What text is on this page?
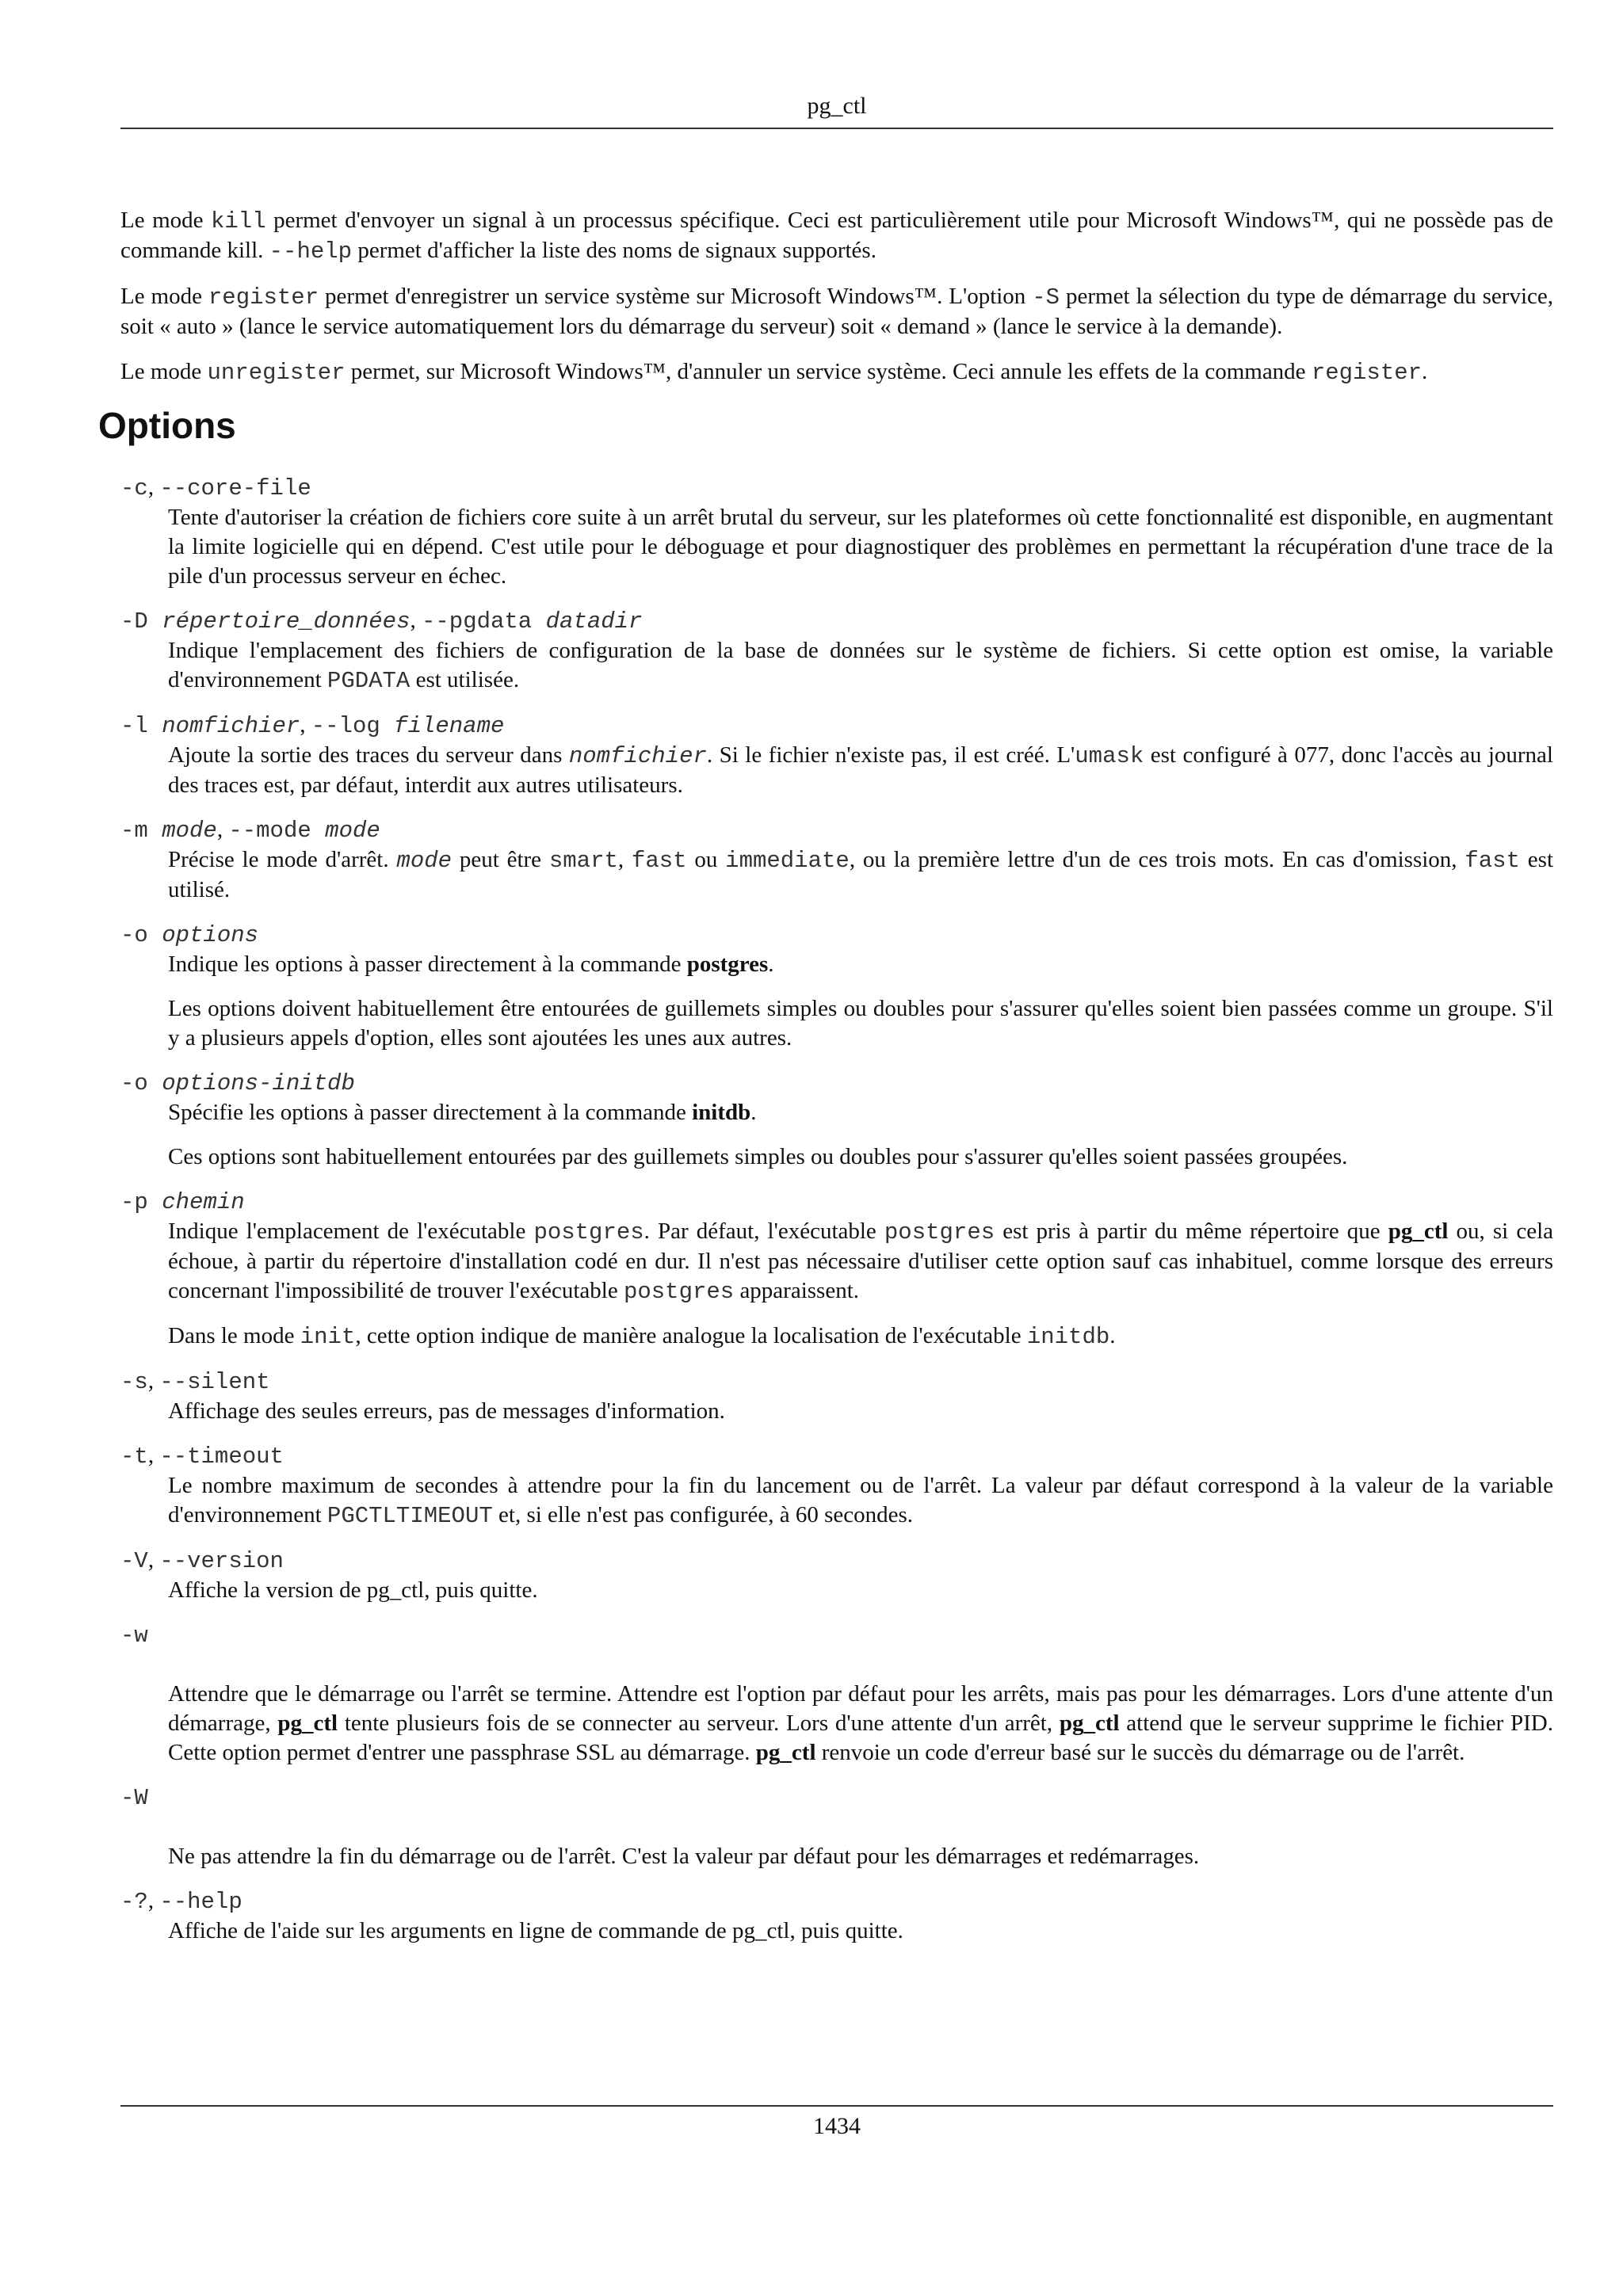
pg_ctl

Le mode kill permet d'envoyer un signal à un processus spécifique. Ceci est particulièrement utile pour Microsoft Windows™, qui ne possède pas de commande kill. --help permet d'afficher la liste des noms de signaux supportés.

Le mode register permet d'enregistrer un service système sur Microsoft Windows™. L'option -S permet la sélection du type de démarrage du service, soit « auto » (lance le service automatiquement lors du démarrage du serveur) soit « demand » (lance le service à la demande).

Le mode unregister permet, sur Microsoft Windows™, d'annuler un service système. Ceci annule les effets de la commande register.

Options
-c, --core-file

Tente d'autoriser la création de fichiers core suite à un arrêt brutal du serveur, sur les plateformes où cette fonctionnalité est disponible, en augmentant la limite logicielle qui en dépend. C'est utile pour le déboguage et pour diagnostiquer des problèmes en permettant la récupération d'une trace de la pile d'un processus serveur en échec.

-D répertoire_données, --pgdata datadir

Indique l'emplacement des fichiers de configuration de la base de données sur le système de fichiers. Si cette option est omise, la variable d'environnement PGDATA est utilisée.

-l nomfichier, --log filename

Ajoute la sortie des traces du serveur dans nomfichier. Si le fichier n'existe pas, il est créé. L'umask est configuré à 077, donc l'accès au journal des traces est, par défaut, interdit aux autres utilisateurs.

-m mode, --mode mode

Précise le mode d'arrêt. mode peut être smart, fast ou immediate, ou la première lettre d'un de ces trois mots. En cas d'omission, fast est utilisé.

-o options

Indique les options à passer directement à la commande postgres.

Les options doivent habituellement être entourées de guillemets simples ou doubles pour s'assurer qu'elles soient bien passées comme un groupe. S'il y a plusieurs appels d'option, elles sont ajoutées les unes aux autres.

-o options-initdb

Spécifie les options à passer directement à la commande initdb.

Ces options sont habituellement entourées par des guillemets simples ou doubles pour s'assurer qu'elles soient passées groupées.

-p chemin

Indique l'emplacement de l'exécutable postgres. Par défaut, l'exécutable postgres est pris à partir du même répertoire que pg_ctl ou, si cela échoue, à partir du répertoire d'installation codé en dur. Il n'est pas nécessaire d'utiliser cette option sauf cas inhabituel, comme lorsque des erreurs concernant l'impossibilité de trouver l'exécutable postgres apparaissent.

Dans le mode init, cette option indique de manière analogue la localisation de l'exécutable initdb.

-s, --silent

Affichage des seules erreurs, pas de messages d'information.

-t, --timeout

Le nombre maximum de secondes à attendre pour la fin du lancement ou de l'arrêt. La valeur par défaut correspond à la valeur de la variable d'environnement PGCTLTIMEOUT et, si elle n'est pas configurée, à 60 secondes.

-V, --version

Affiche la version de pg_ctl, puis quitte.

-w

Attendre que le démarrage ou l'arrêt se termine. Attendre est l'option par défaut pour les arrêts, mais pas pour les démarrages. Lors d'une attente d'un démarrage, pg_ctl tente plusieurs fois de se connecter au serveur. Lors d'une attente d'un arrêt, pg_ctl attend que le serveur supprime le fichier PID. Cette option permet d'entrer une passphrase SSL au démarrage. pg_ctl renvoie un code d'erreur basé sur le succès du démarrage ou de l'arrêt.

-W

Ne pas attendre la fin du démarrage ou de l'arrêt. C'est la valeur par défaut pour les démarrages et redémarrages.

-?, --help

Affiche de l'aide sur les arguments en ligne de commande de pg_ctl, puis quitte.

1434
